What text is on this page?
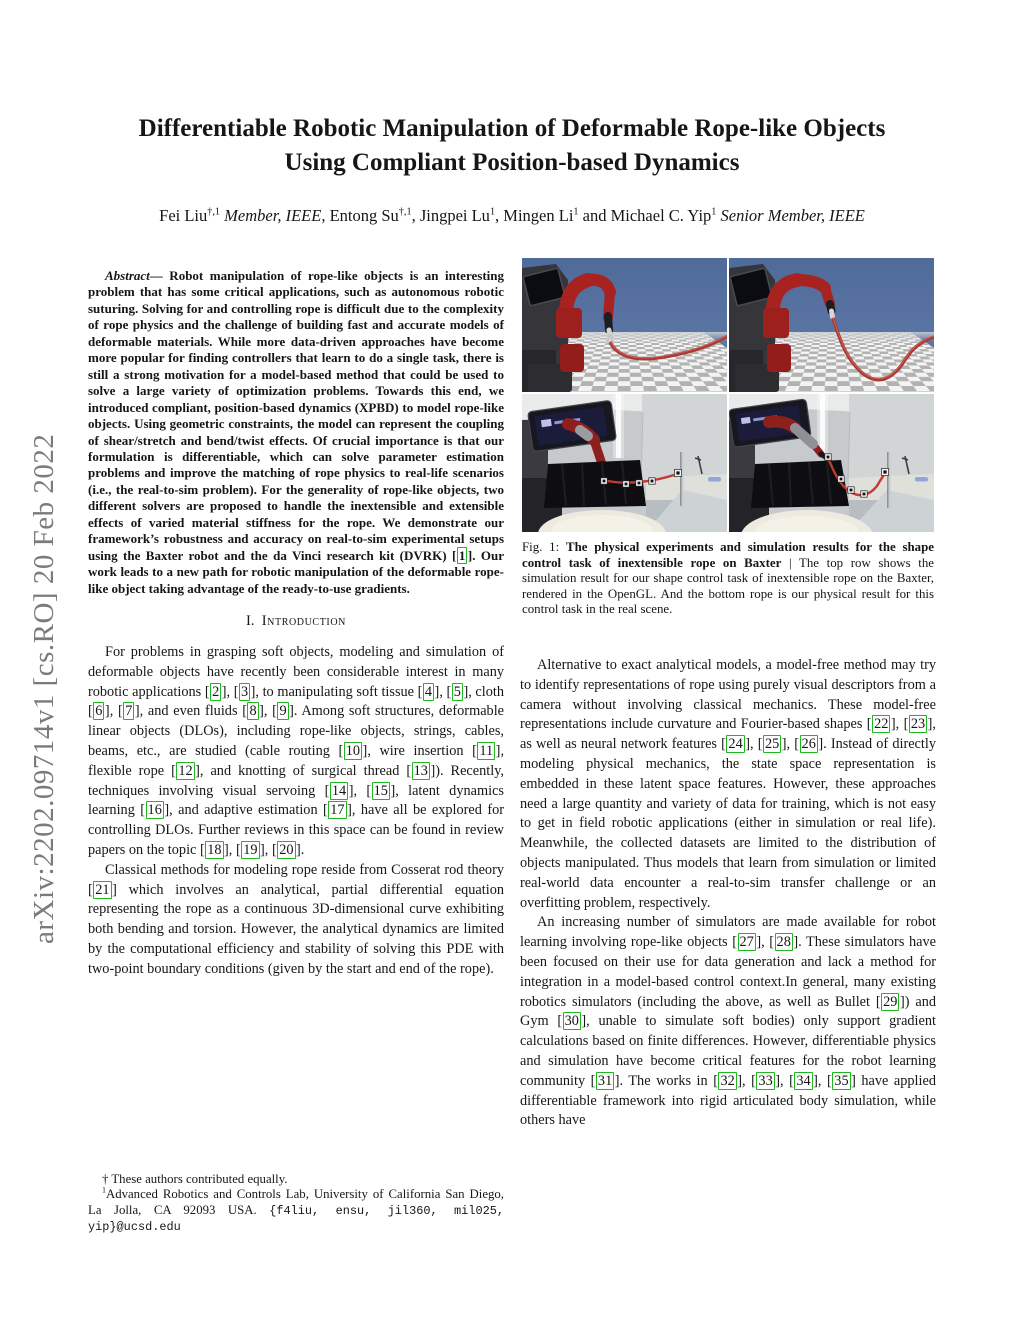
arXiv:2202.09714v1 [cs.RO] 20 Feb 2022
Differentiable Robotic Manipulation of Deformable Rope-like Objects
Using Compliant Position-based Dynamics
Fei Liu$^{\dagger,1}$ Member, IEEE, Entong $Su^{\dagger,1}$, Jingpei Lu$^1$, Mingen Li$^1$ and Michael C. Yip$^1$ Senior Member, IEEE

Abstract— Robot manipulation of rope-like objects is an interesting problem that has some critical applications, such as autonomous robotic suturing. Solving for and controlling rope is difficult due to the complexity of rope physics and the challenge of building fast and accurate models of deformable materials. While more data-driven approaches have become more popular for finding controllers that learn to do a single task, there is still a strong motivation for a model-based method that could be used to solve a large variety of optimization problems. Towards this end, we introduced compliant, position-based dynamics (XPBD) to model rope-like objects. Using geometric constraints, the model can represent the coupling of shear/stretch and bend/twist effects. Of crucial importance is that our formulation is differentiable, which can solve parameter estimation problems and improve the matching of rope physics to real-life scenarios (i.e., the real-to-sim problem). For the generality of rope-like objects, two different solvers are proposed to handle the inextensible and extensible effects of varied material stiffness for the rope. We demonstrate our framework’s robustness and accuracy on real-to-sim experimental setups using the Baxter robot and the da Vinci research kit (DVRK) [ 1 ]. Our work leads to a new path for robotic manipulation of the deformable rope-like object taking advantage of the ready-to-use gradients.

I. Introduction

For problems in grasping soft objects, modeling and simulation of deformable objects have recently been considerable interest in many robotic applications [ 2 ], [ 3 ], to manipulating soft tissue [ 4 ], [ 5 ], cloth [ 6 ], [ 7 ], and even fluids [ 8 ], [ 9 ]. Among soft structures, deformable linear objects (DLOs), including rope-like objects, strings, cables, beams, etc., are studied (cable routing [ 10 ], wire insertion [ 11 ], flexible rope [ 12 ], and knotting of surgical thread [ 13 ]). Recently, techniques involving visual servoing [ 14 ], [ 15 ], latent dynamics learning [ 16 ], and adaptive estimation [ 17 ], have all be explored for controlling DLOs. Further reviews in this space can be found in review papers on the topic [ 18 ], [ 19 ], [ 20 ].

Classical methods for modeling rope reside from Cosserat rod theory [ 21 ] which involves an analytical, partial differential equation representing the rope as a continuous 3D-dimensional curve exhibiting both bending and torsion. However, the analytical dynamics are limited by the computational efficiency and stability of solving this PDE with two-point boundary conditions (given by the start and end of the rope).

† These authors contributed equally.

$^1$Advanced Robotics and Controls Lab, University of California San Diego, La Jolla, CA 92093 USA. {f4liu, ensu, jil360, mil025, yip}@ucsd.edu

Fig. 1: The physical experiments and simulation results for the shape control task of inextensible rope on Baxter | The top row shows the simulation result for our shape control task of inextensible rope on the Baxter, rendered in the OpenGL. And the bottom rope is our physical result for this control task in the real scene.

Alternative to exact analytical models, a model-free method may try to identify representations of rope using purely visual descriptors from a camera without involving classical mechanics. These model-free representations include curvature and Fourier-based shapes [ 22 ], [ 23 ], as well as neural network features [ 24 ], [ 25 ], [ 26 ]. Instead of directly modeling physical mechanics, the state space representation is embedded in these latent space features. However, these approaches need a large quantity and variety of data for training, which is not easy to get in field robotic applications (either in simulation or real life). Meanwhile, the collected datasets are limited to the distribution of objects manipulated. Thus models that learn from simulation or limited real-world data encounter a real-to-sim transfer challenge or an overfitting problem, respectively.

An increasing number of simulators are made available for robot learning involving rope-like objects [ 27 ], [ 28 ]. These simulators have been focused on their use for data generation and lack a method for integration in a model-based control context.In general, many existing robotics simulators (including the above, as well as Bullet [ 29 ]) and Gym [ 30 ], unable to simulate soft bodies) only support gradient calculations based on finite differences. However, differentiable physics and simulation have become critical features for the robot learning community [ 31 ]. The works in [ 32 ], [ 33 ], [ 34 ], [ 35 ] have applied differentiable framework into rigid articulated body simulation, while others have
